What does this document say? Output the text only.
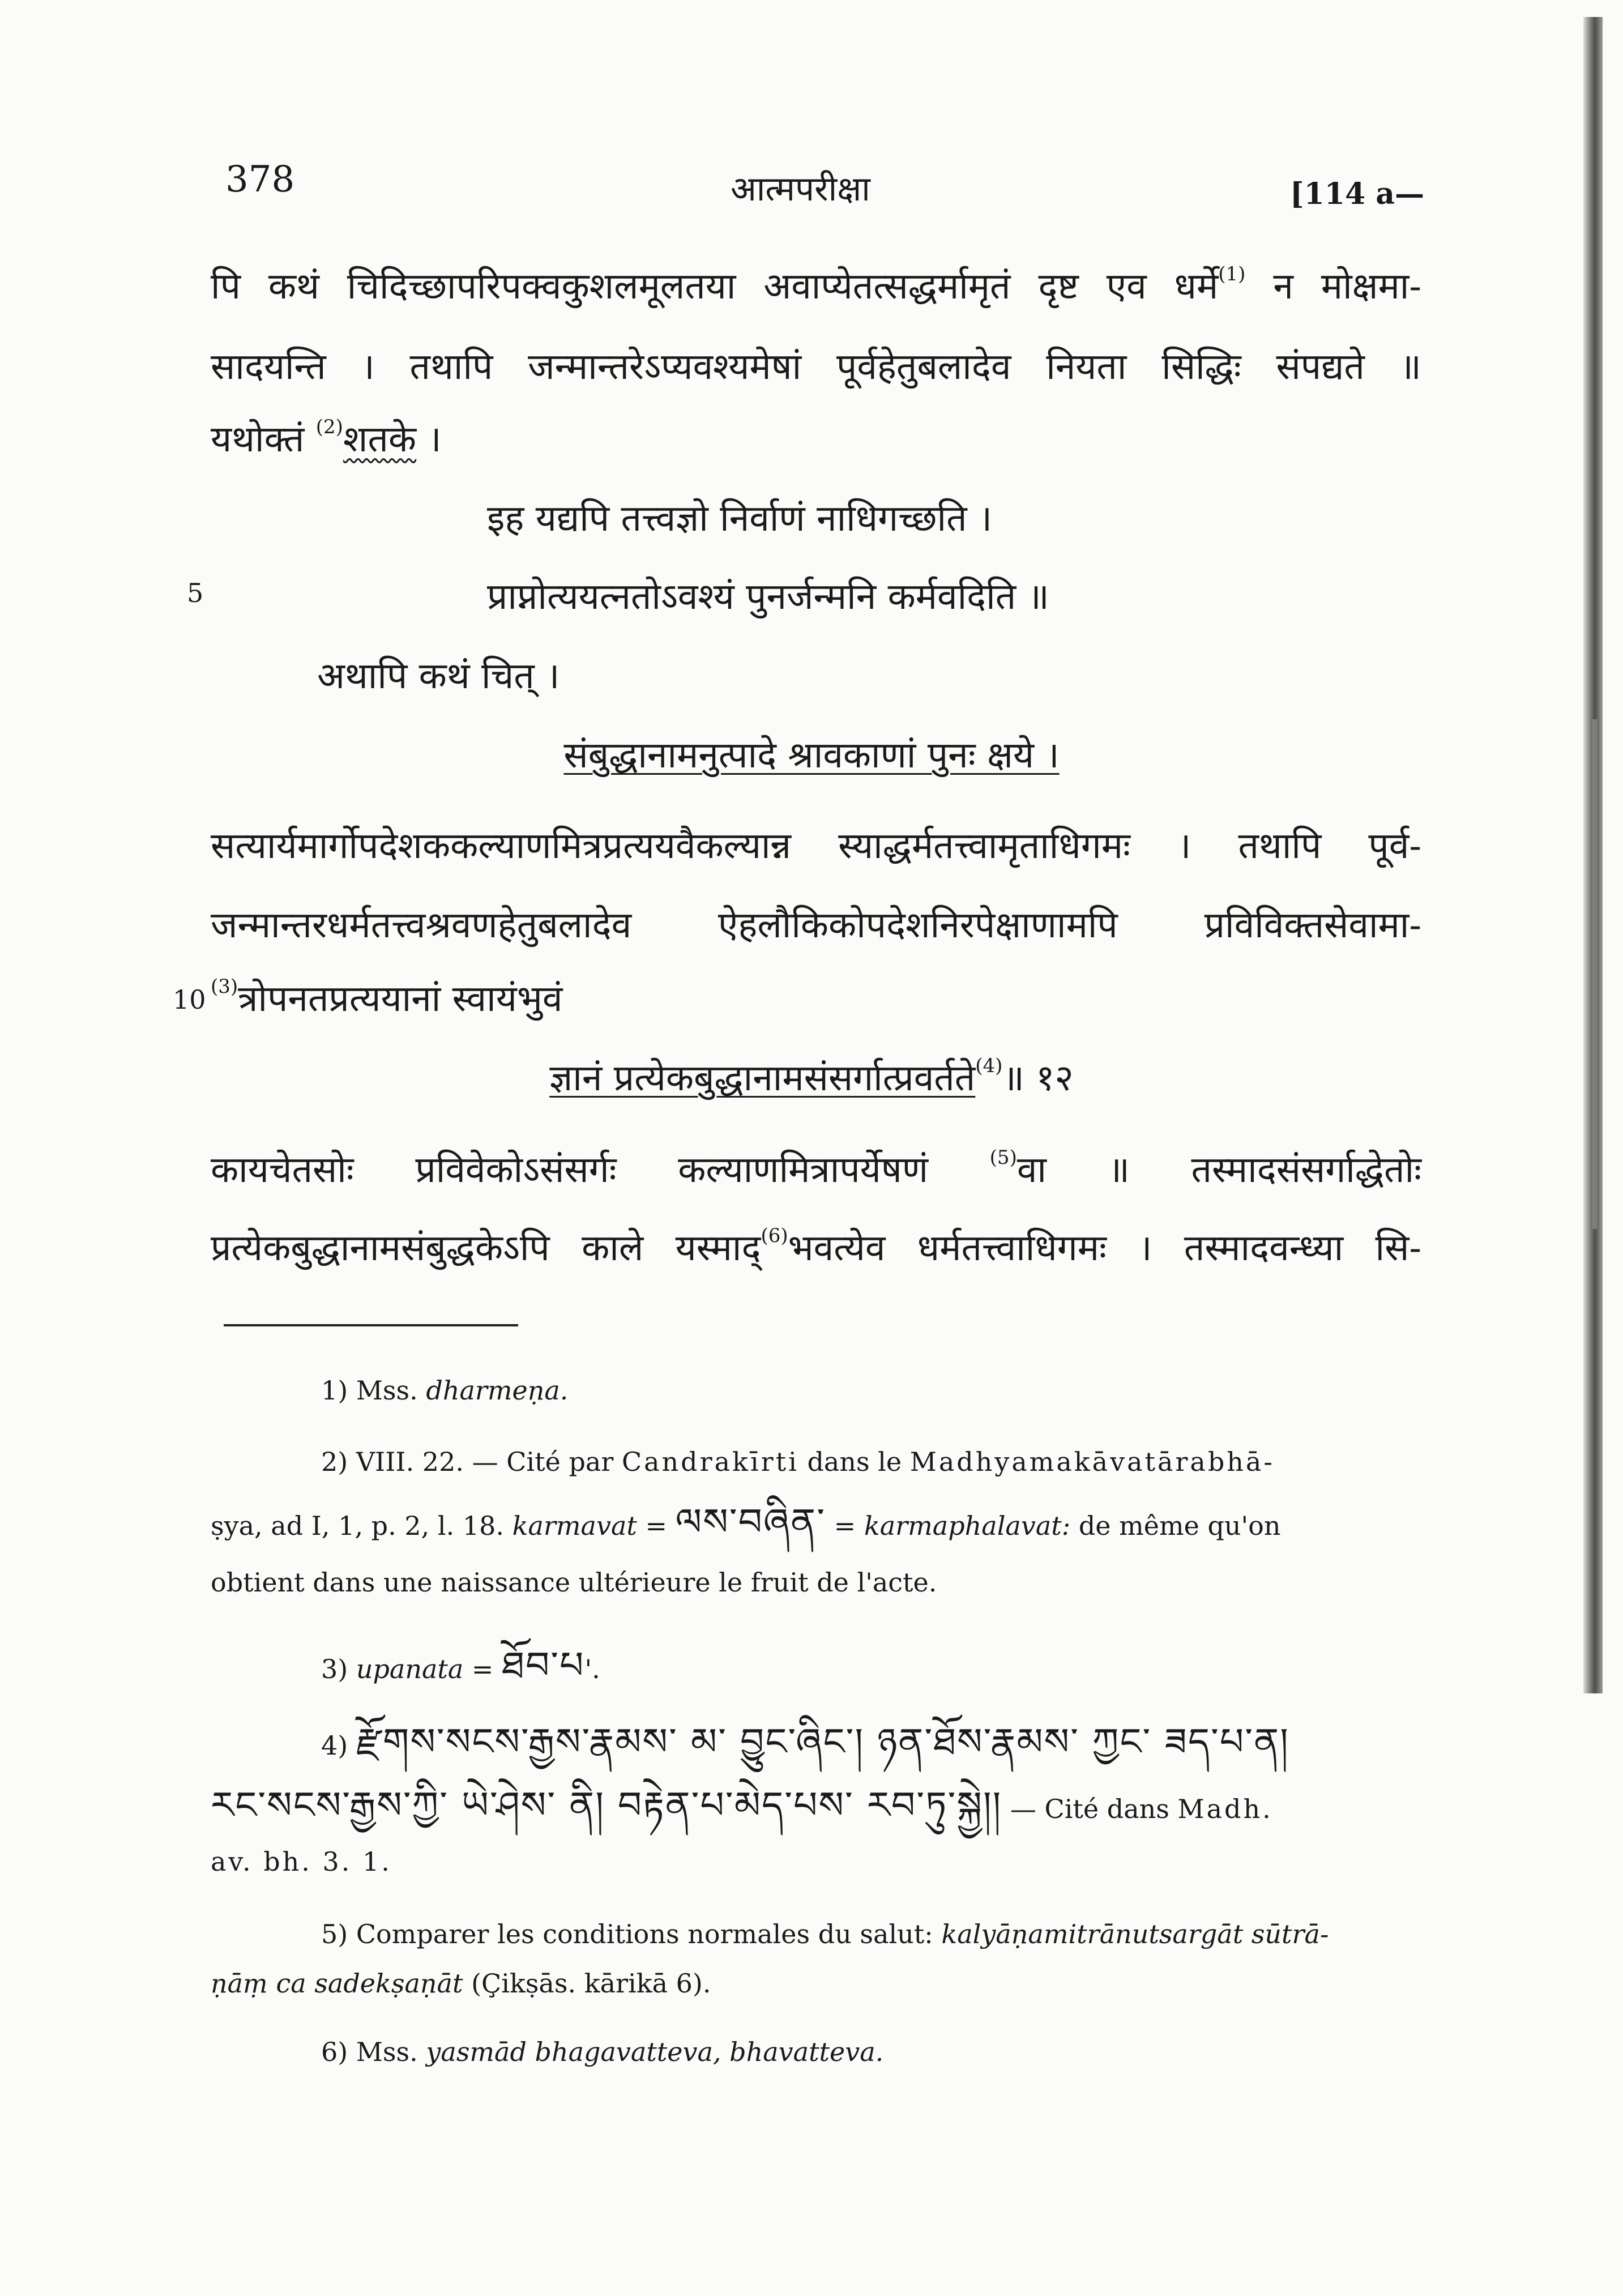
378	आत्मपरीक्षा	[114 a—
पि कथं चिदिच्छापरिपक्वकुशलमूलतया अवाप्येतत्सद्धर्मामृतं दृष्ट एव धर्मे$^{(1)}$ न मोक्षमा-
सादयन्ति । तथापि जन्मान्तरेऽप्यवश्यमेषां पूर्वहेतुबलादेव नियता सिद्धिः संपद्यते ॥
यथोक्तं $^{(2)}$शतके ।
इह यद्यपि तत्त्वज्ञो निर्वाणं नाधिगच्छति ।
5	प्राप्नोत्ययत्नतोऽवश्यं पुनर्जन्मनि कर्मवदिति ॥
अथापि कथं चित् ।
संबुद्धानामनुत्पादे श्रावकाणां पुनः क्षये ।
सत्यार्यमार्गोपदेशककल्याणमित्रप्रत्ययवैकल्यान्न स्याद्धर्मतत्त्वामृताधिगमः । तथापि पूर्व-
जन्मान्तरधर्मतत्त्वश्रवणहेतुबलादेव ऐहलौकिकोपदेशनिरपेक्षाणामपि प्रविविक्तसेवामा-
10 $^{(3)}$त्रोपनतप्रत्ययानां स्वायंभुवं
ज्ञानं प्रत्येकबुद्धानामसंसर्गात्प्रवर्तते$^{(4)}$॥ १२
कायचेतसोः प्रविवेकोऽसंसर्गः कल्याणमित्रापर्येषणं	$^{(5)}$वा ॥ तस्मादसंसर्गाद्धेतोः
प्रत्येकबुद्धानामसंबुद्धकेऽपि काले यस्माद्$^{(6)}$भवत्येव धर्मतत्त्वाधिगमः । तस्मादवन्ध्या सि-

1) Mss. dharmeṇa.

2) VIII. 22. — Cité par Candrakīrti dans le Madhyamakāvatārabhā-

ṣya, ad I, 1, p. 2, l. 18. karmavat = ལས་བཞིན་ = karmaphalavat: de même qu'on

obtient dans une naissance ultérieure le fruit de l'acte.

3) upanata = ཐོབ་པ'.

4) རྫོགས་སངས་རྒྱས་རྣམས་ མ་ བྱུང་ཞིང་། ཉན་ཐོས་རྣམས་ ཀྱང་ ཟད་པ་ན།

རང་སངས་རྒྱས་ཀྱི་ ཡེ་ཤེས་ ནི། བརྟེན་པ་མེད་པས་ རབ་ཏུ་སྐྱེ།། — Cité dans Madh.

av. bh. 3. 1.

5) Comparer les conditions normales du salut: kalyāṇamitrānutsargāt sūtrā-

ṇāṃ ca sadekṣaṇāt (Çikṣās. kārikā 6).

6) Mss. yasmād bhagavatteva, bhavatteva.
